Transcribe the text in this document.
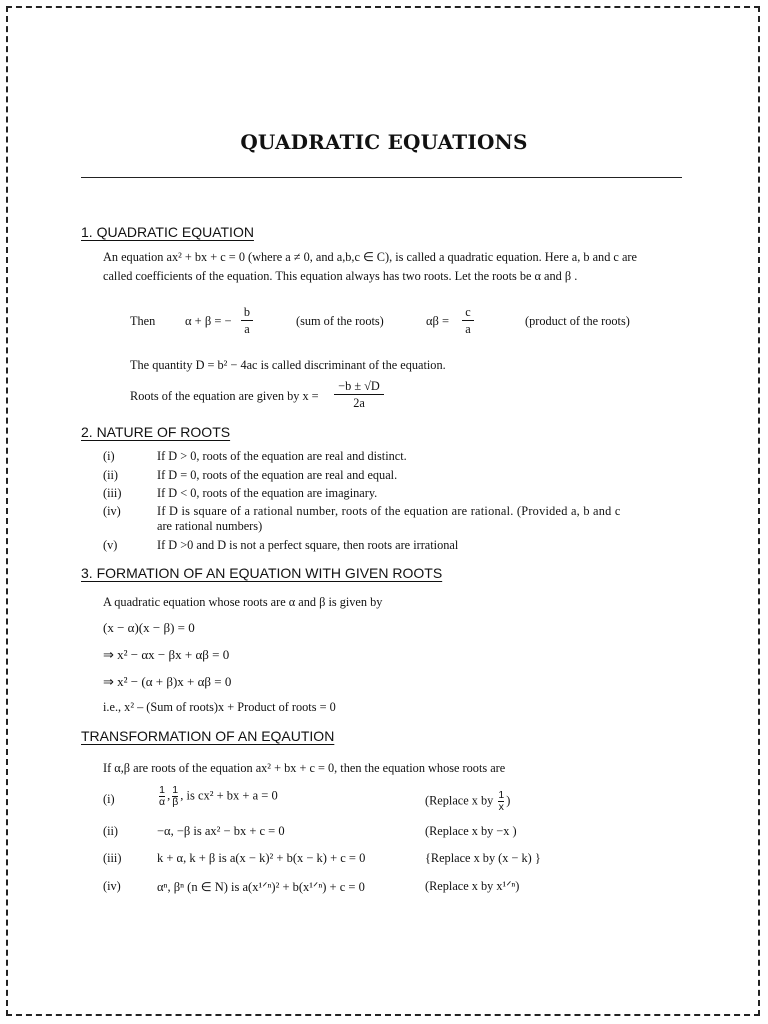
QUADRATIC EQUATIONS
1. QUADRATIC EQUATION
An equation ax² + bx + c = 0 (where a ≠ 0, and a,b,c ∈ C), is called a quadratic equation. Here a, b and c are
called coefficients of the equation. This equation always has two roots. Let the roots be α and β .
Then α + β = −
b
a
(sum of the roots)	αβ =
c
a
(product of the roots)
The quantity D = b² − 4ac is called discriminant of the equation.
Roots of the equation are given by x =
−b ± √D
2a
2. NATURE OF ROOTS
(i)	If D > 0, roots of the equation are real and distinct.
(ii)	If D = 0, roots of the equation are real and equal.
(iii)	If D < 0, roots of the equation are imaginary.
(iv)	If D is square of a rational number, roots of the equation are rational. (Provided a, b and c
are rational numbers)
(v)	If D >0 and D is not a perfect square, then roots are irrational
3. FORMATION OF AN EQUATION WITH GIVEN ROOTS
A quadratic equation whose roots are α and β is given by
(x − α)(x − β) = 0
⇒ x² − αx − βx + αβ = 0
⇒ x² − (α + β)x + αβ = 0
i.e., x² – (Sum of roots)x + Product of roots = 0
TRANSFORMATION OF AN EQAUTION
If α,β are roots of the equation ax² + bx + c = 0, then the equation whose roots are
(i)	$\frac{1}{\alpha}$ , $\frac{1}{\beta}$ , is cx² + bx + a = 0	(Replace x by $\frac{1}{x}$ )
(ii)	−α, −β is ax² − bx + c = 0	(Replace x by −x )
(iii)	k + α, k + β is a(x − k)² + b(x − k) + c = 0	{Replace x by (x − k) }
(iv)	αⁿ, βⁿ (n ∈ N) is a(x¹ᐟⁿ)² + b(x¹ᐟⁿ) + c = 0	(Replace x by x¹ᐟⁿ)
